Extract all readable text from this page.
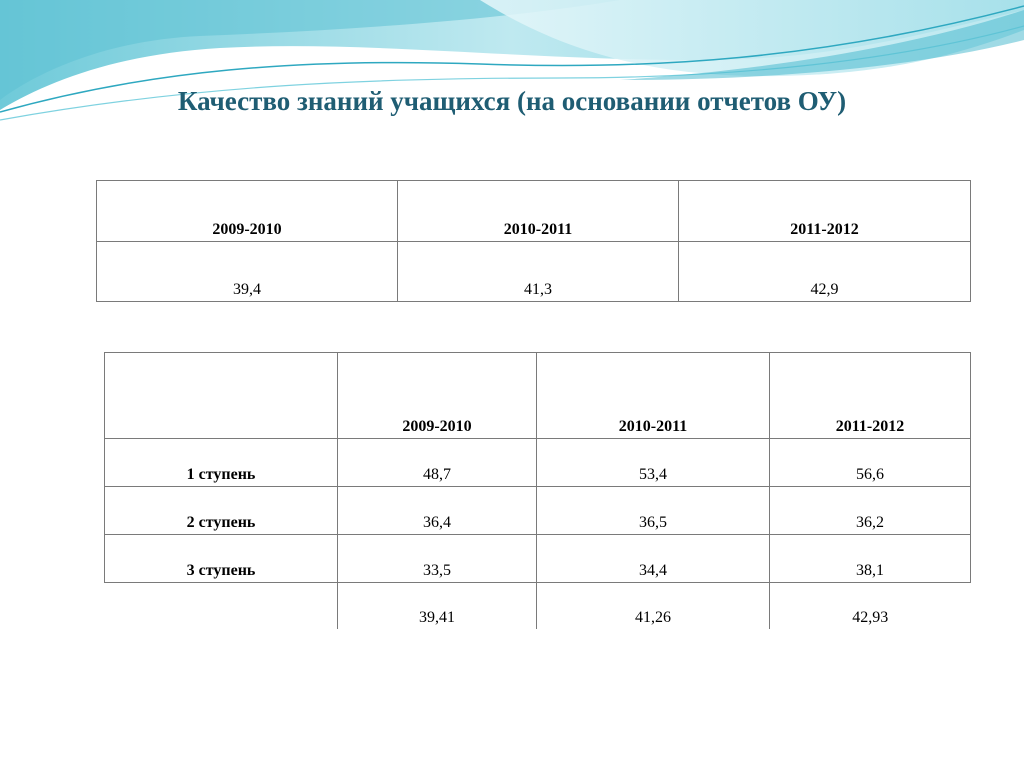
Качество знаний учащихся (на основании отчетов ОУ)
2009-2010	2010-2011	2011-2012
39,4	41,3	42,9
	2009-2010	2010-2011	2011-2012
1 ступень	48,7	53,4	56,6
2 ступень	36,4	36,5	36,2
3 ступень	33,5	34,4	38,1
	39,41	41,26	42,93
